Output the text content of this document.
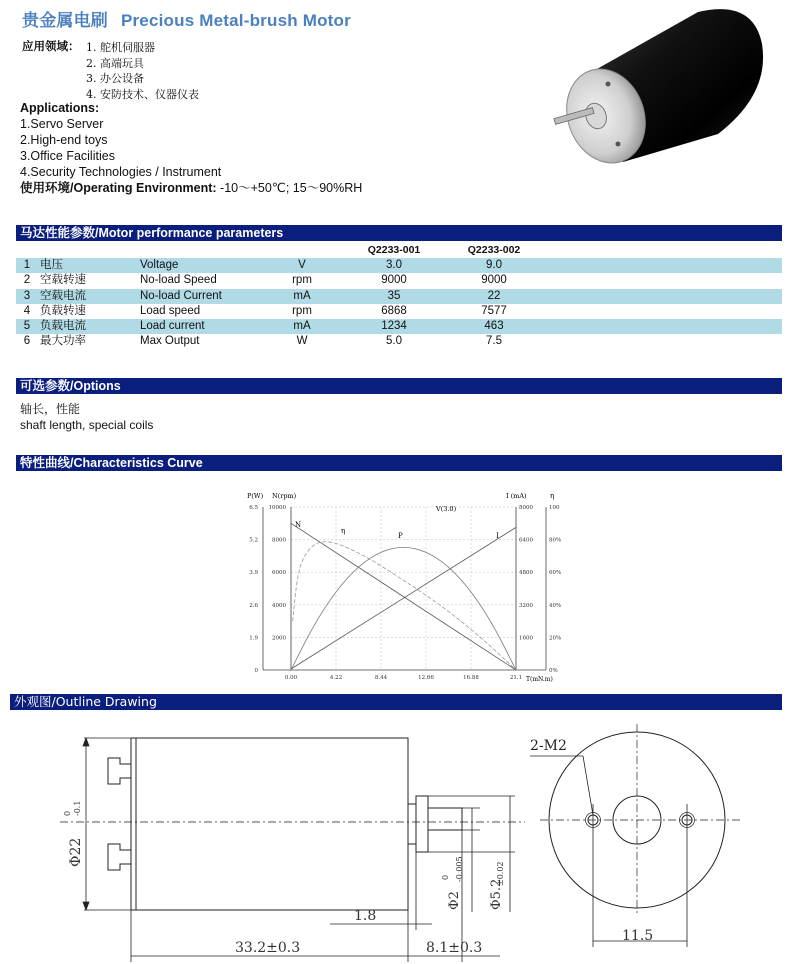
贵金属电刷 Precious Metal-brush Motor
应用领域： 1. 舵机伺服器
2. 高端玩具
3. 办公设备
4. 安防技术、仪器仪表
Applications:
1.Servo Server
2.High-end toys
3.Office Facilities
4.Security Technologies / Instrument
使用环境/Operating Environment: -10～+50℃; 15～90%RH
马达性能参数/Motor performance parameters
				Q2233-001	Q2233-002	
1	电压	Voltage	V	3.0	9.0	
2	空载转速	No-load Speed	rpm	9000	9000	
3	空载电流	No-load Current	mA	35	22	
4	负载转速	Load speed	rpm	6868	7577	
5	负载电流	Load current	mA	1234	463	
6	最大功率	Max Output	W	5.0	7.5	
可选参数/Options
轴长，性能
shaft length, special coils
特性曲线/Characteristics Curve
6.5
5.2
3.9
2.6
1.9
0
10000
8000
6000
4000
2000
8000
6400
4800
3200
1600
100
80%
60%
40%
20%
0%
0.00	4.22	8.44	12.66	16.88	21.1
P(W) N(rpm)	I (mA)	η
T(mN.m)
V(3.0)
N
η
P	I
外观图/Outline Drawing
Φ22
0 -0.1
1.8
33.2±0.3	8.1±0.3
Φ2
0 -0.005
Φ5.2
±0.02
2-M2
11.5
